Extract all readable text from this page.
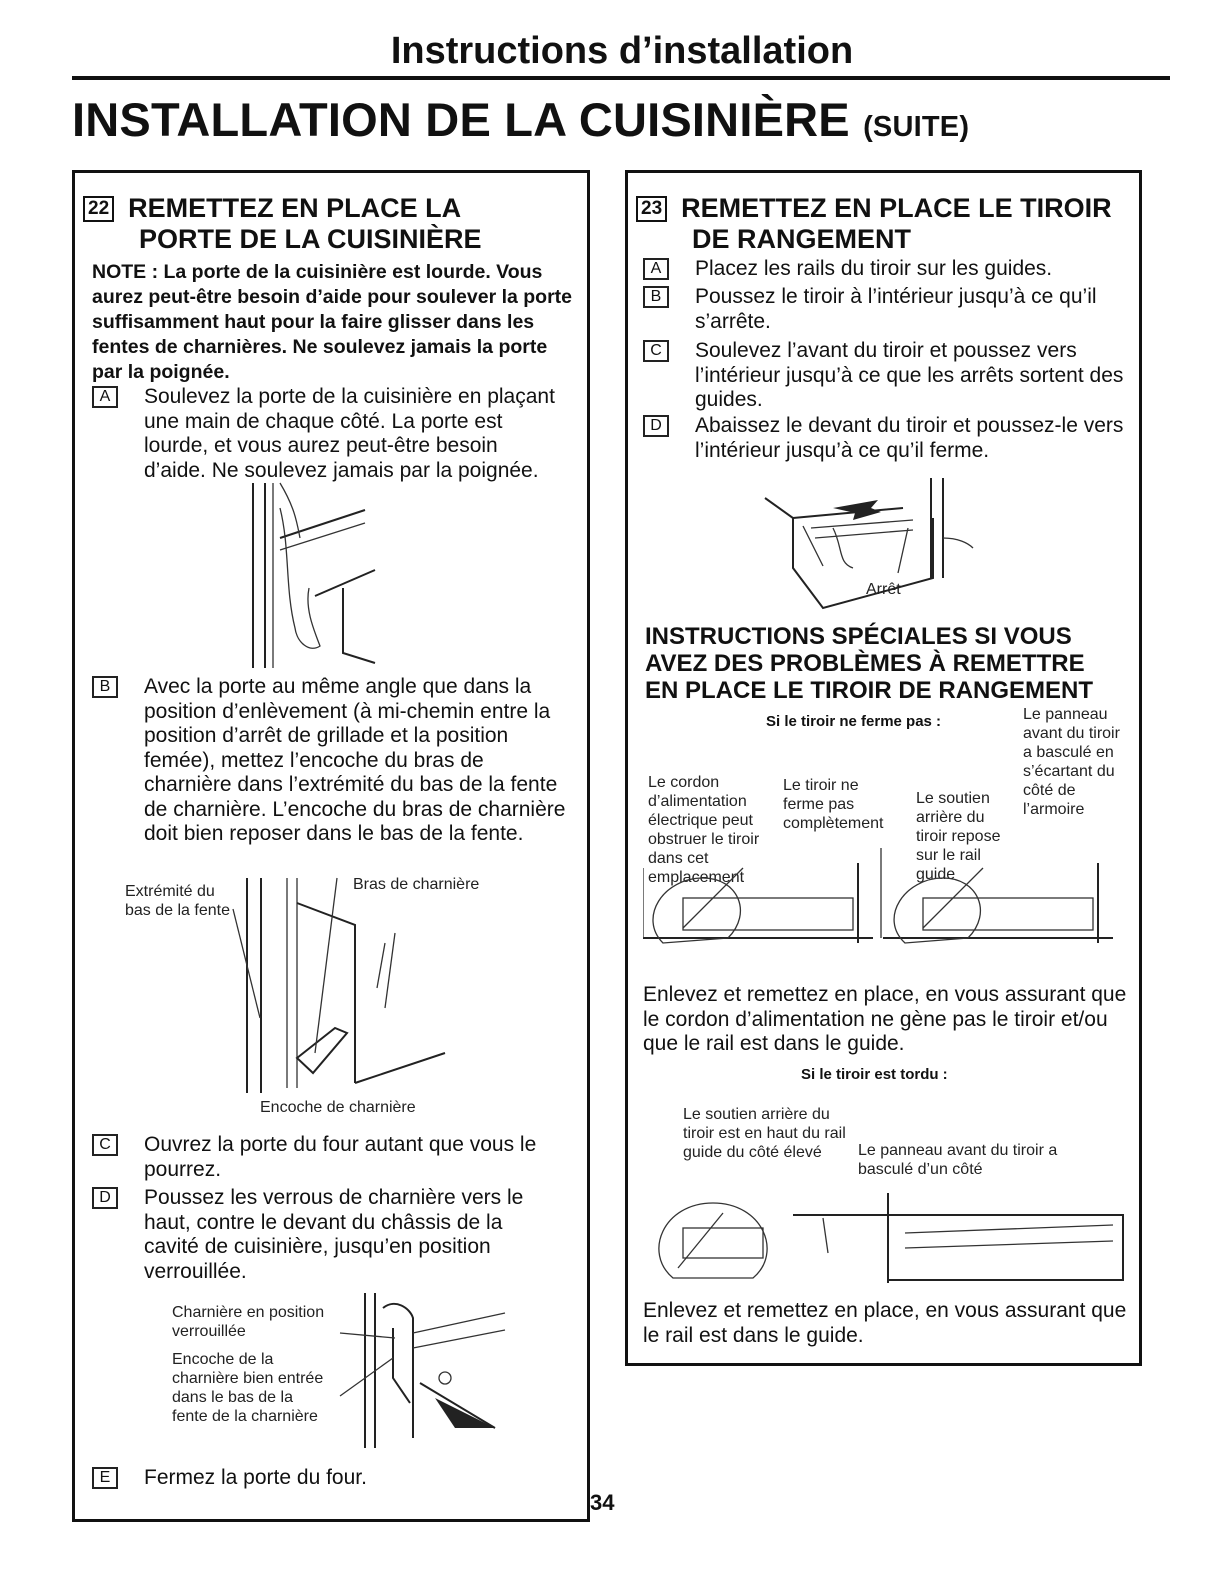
Instructions d’installation
INSTALLATION DE LA CUISINIÈRE (SUITE)
22 REMETTEZ EN PLACE LA
PORTE DE LA CUISINIÈRE
NOTE : La porte de la cuisinière est lourde. Vous aurez peut-être besoin d’aide pour soulever la porte suffisamment haut pour la faire glisser dans les fentes de charnières. Ne soulevez jamais la porte par la poignée.
A	Soulevez la porte de la cuisinière en plaçant une main de chaque côté. La porte est lourde, et vous aurez peut-être besoin d’aide. Ne soulevez jamais par la poignée.
B	Avec la porte au même angle que dans la position d’enlèvement (à mi-chemin entre la position d’arrêt de grillade et la position femée), mettez l’encoche du bras de charnière dans l’extrémité du bas de la fente de charnière. L’encoche du bras de charnière doit bien reposer dans le bas de la fente.
Extrémité du bas de la fente
Bras de charnière
Encoche de charnière
C	Ouvrez la porte du four autant que vous le pourrez.
D	Poussez les verrous de charnière vers le haut, contre le devant du châssis de la cavité de cuisinière, jusqu’en position verrouillée.
Charnière en position verrouillée
Encoche de la charnière bien entrée dans le bas de la fente de la charnière
E	Fermez la porte du four.
23 REMETTEZ EN PLACE LE TIROIR
DE RANGEMENT
A	Placez les rails du tiroir sur les guides.
B	Poussez le tiroir à l’intérieur jusqu’à ce qu’il s’arrête.
C	Soulevez l’avant du tiroir et poussez vers l’intérieur jusqu’à ce que les arrêts sortent des guides.
D	Abaissez le devant du tiroir et poussez-le vers l’intérieur jusqu’à ce qu’il ferme.
Arrêt
INSTRUCTIONS SPÉCIALES SI VOUS AVEZ DES PROBLÈMES À REMETTRE EN PLACE LE TIROIR DE RANGEMENT
Si le tiroir ne ferme pas :	Le panneau avant du tiroir a basculé en s’écartant du côté de l’armoire
Le cordon d’alimentation électrique peut obstruer le tiroir dans cet emplacement
Le tiroir ne ferme pas complètement
Le soutien arrière du tiroir repose sur le rail guide
Enlevez et remettez en place, en vous assurant que le cordon d’alimentation ne gène pas le tiroir et/ou que le rail est dans le guide.
Si le tiroir est tordu :
Le soutien arrière du tiroir est en haut du rail guide du côté élevé	Le panneau avant du tiroir a basculé d’un côté
Enlevez et remettez en place, en vous assurant que le rail est dans le guide.
34
